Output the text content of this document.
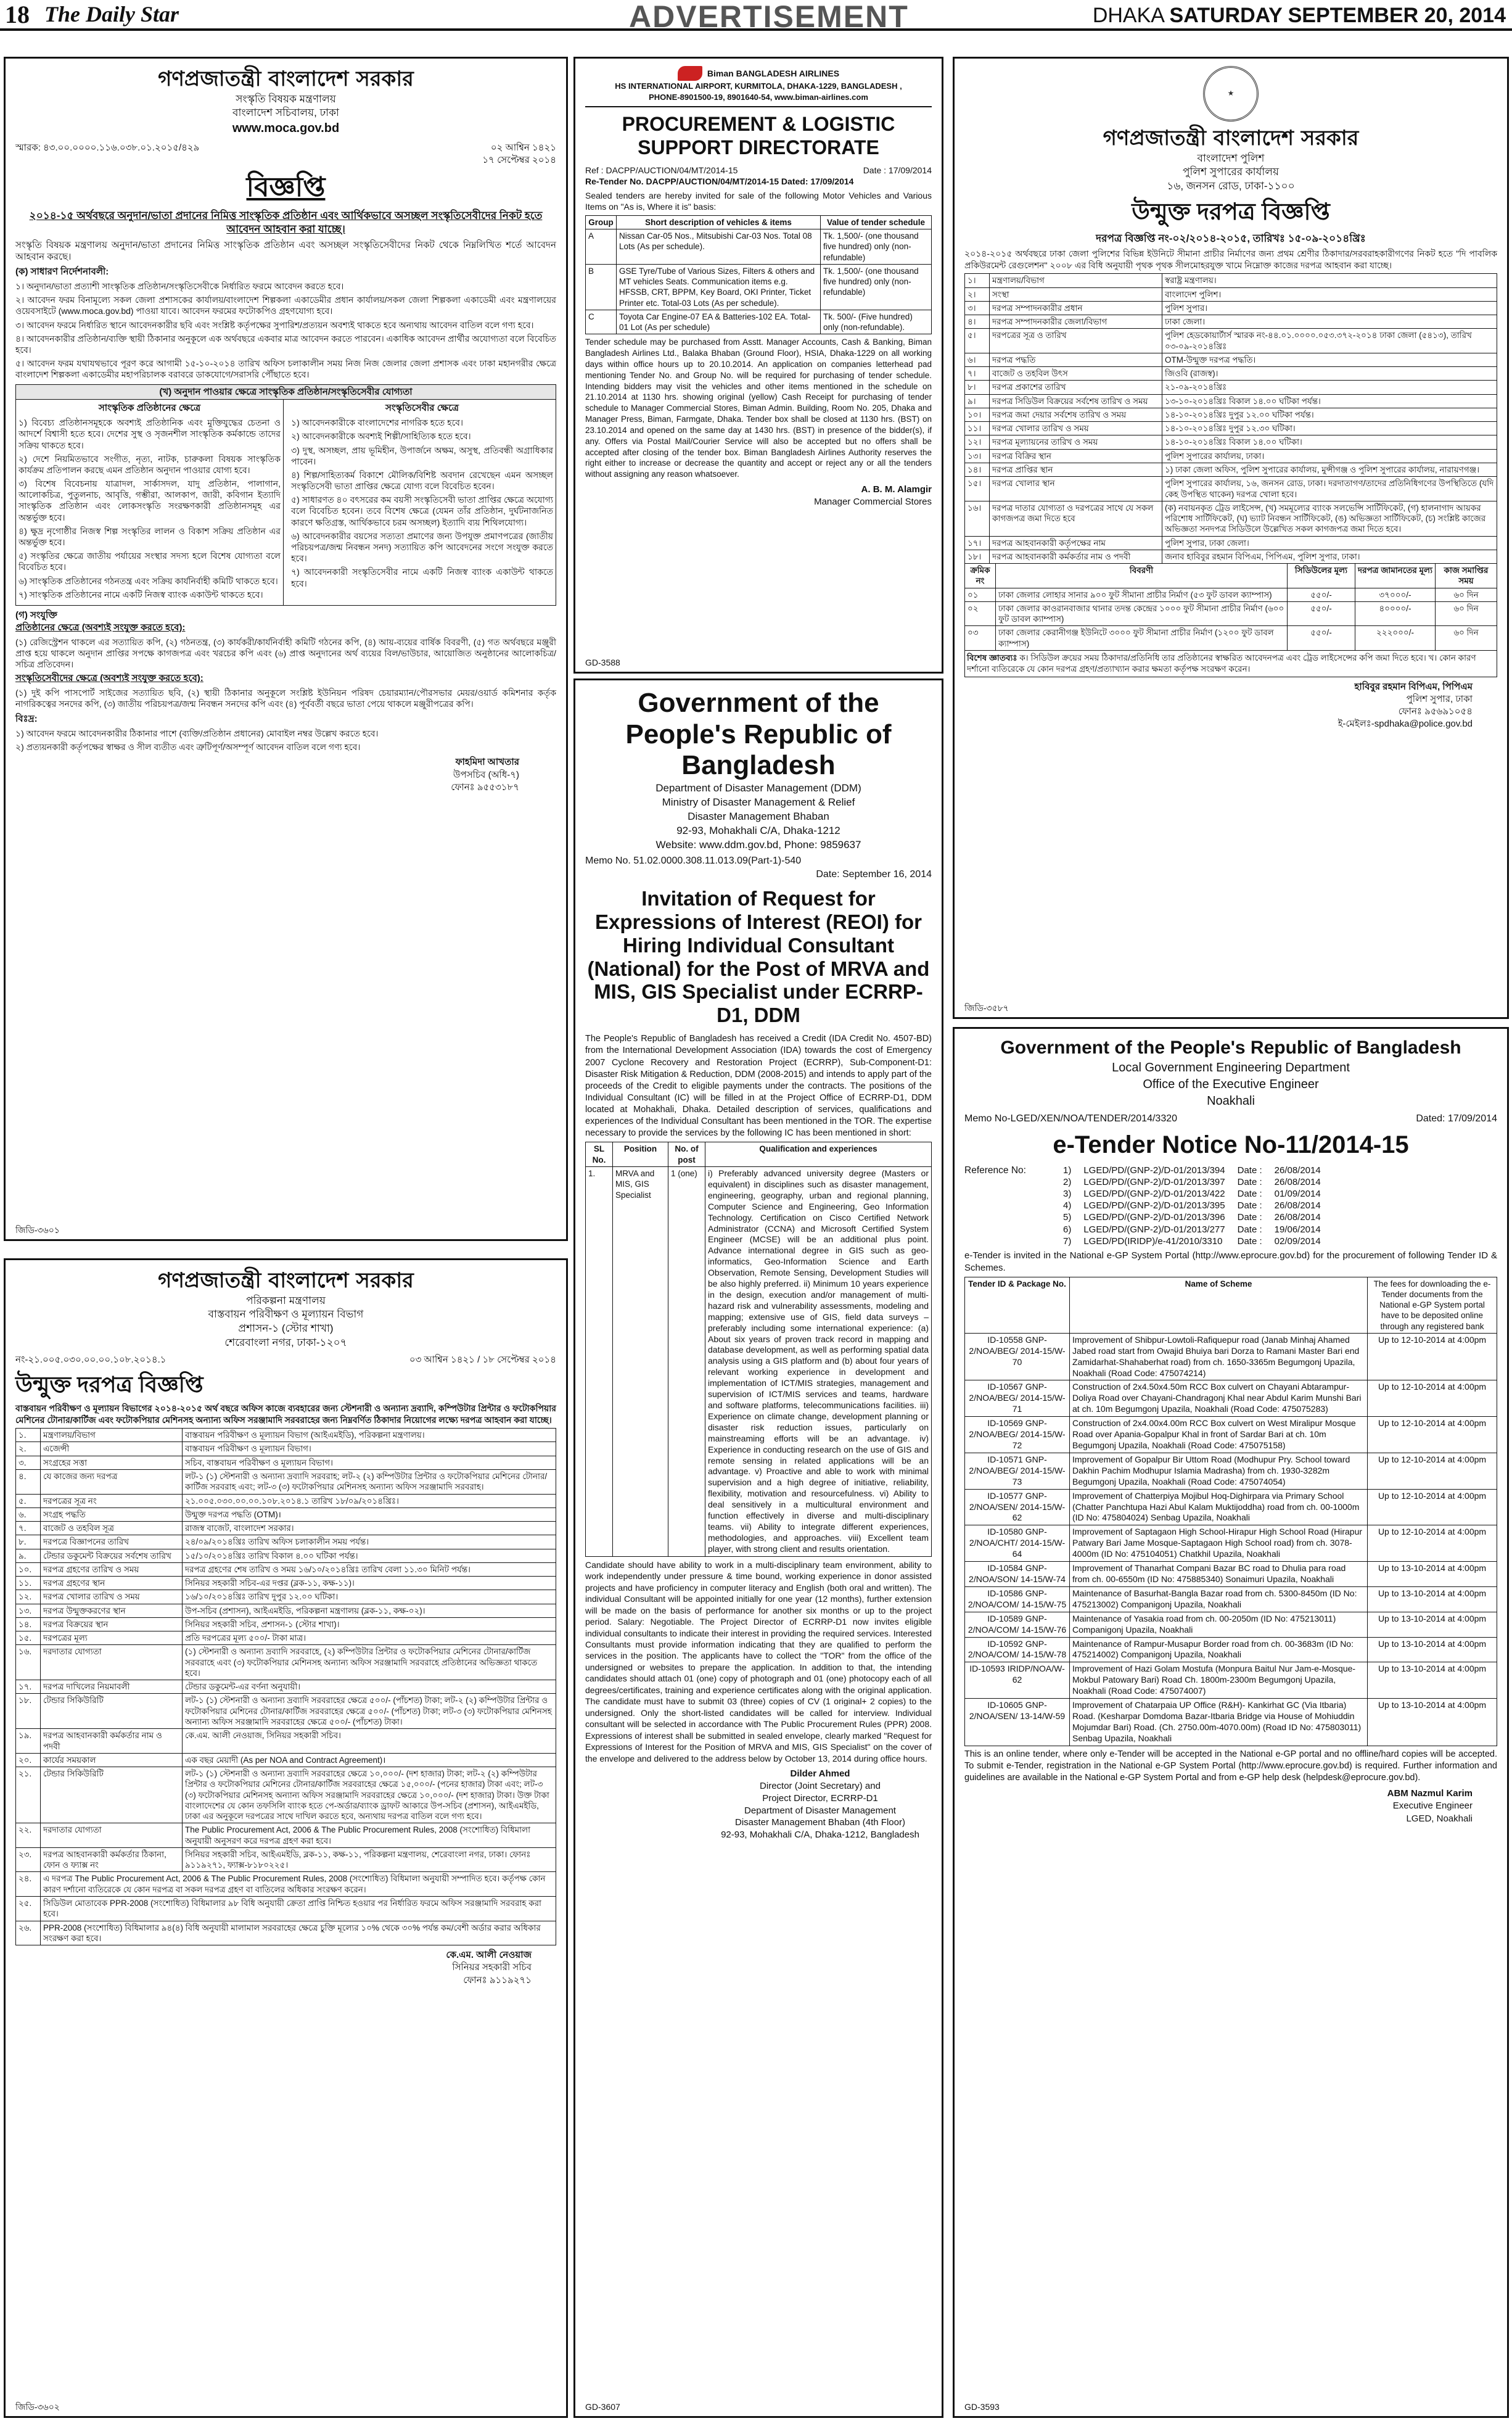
18 The Daily Star	ADVERTISEMENT	DHAKA SATURDAY SEPTEMBER 20, 2014
গণপ্রজাতন্ত্রী বাংলাদেশ সরকার
সংস্কৃতি বিষয়ক মন্ত্রণালয়
বাংলাদেশ সচিবালয়, ঢাকা
www.moca.gov.bd
স্মারক: ৪৩.০০.০০০০.১১৬.০৩৮.০১.২০১৫/৪২৯	০২ আশ্বিন ১৪২১
১৭ সেপ্টেম্বর ২০১৪
বিজ্ঞপ্তি
২০১৪-১৫ অর্থবছরে অনুদান/ভাতা প্রদানের নিমিত্ত সাংস্কৃতিক প্রতিষ্ঠান এবং আর্থিকভাবে অসচ্ছল সংস্কৃতিসেবীদের নিকট হতে আবেদন আহবান করা যাচ্ছে।
সংস্কৃতি বিষয়ক মন্ত্রণালয় অনুদান/ভাতা প্রদানের নিমিত্ত সাংস্কৃতিক প্রতিষ্ঠান এবং অসচ্ছল সংস্কৃতিসেবীদের নিকট থেকে নিম্নলিখিত শর্তে আবেদন আহবান করছে।
(ক) সাধারণ নির্দেশনাবলী:
১। অনুদান/ভাতা প্রত্যাশী সাংস্কৃতিক প্রতিষ্ঠান/সংস্কৃতিসেবীকে নির্ধারিত ফরমে আবেদন করতে হবে।
২। আবেদন ফরম বিনামূল্যে সকল জেলা প্রশাসকের কার্যালয়/বাংলাদেশ শিল্পকলা একাডেমীর প্রধান কার্যালয়/সকল জেলা শিল্পকলা একাডেমী এবং মন্ত্রণালয়ের ওয়েবসাইটে (www.moca.gov.bd) পাওয়া যাবে। আবেদন ফরমের ফটোকপিও গ্রহণযোগ্য হবে।
৩। আবেদন ফরমে নির্ধারিত স্থানে আবেদনকারীর ছবি এবং সংশ্লিষ্ট কর্তৃপক্ষের সুপারিশ/প্রত্যয়ন অবশ্যই থাকতে হবে অন্যথায় আবেদন বাতিল বলে গণ্য হবে।
৪। আবেদনকারীর প্রতিষ্ঠান/ব্যক্তি স্থায়ী ঠিকানার অনুকূলে এক অর্থবছরে একবার মাত্র আবেদন করতে পারবেন। একাধিক আবেদন প্রার্থীর অযোগ্যতা বলে বিবেচিত হবে।
৫। আবেদন ফরম যথাযথভাবে পূরণ করে আগামী ১৫-১০-২০১৪ তারিখ অফিস চলাকালীন সময় নিজ নিজ জেলার জেলা প্রশাসক এবং ঢাকা মহানগরীর ক্ষেত্রে বাংলাদেশ শিল্পকলা একাডেমীর মহাপরিচালক বরাবরে ডাকযোগে/সরাসরি পৌঁছাতে হবে।
(খ) অনুদান পাওয়ার ক্ষেত্রে সাংস্কৃতিক প্রতিষ্ঠান/সংস্কৃতিসেবীর যোগ্যতা
সাংস্কৃতিক প্রতিষ্ঠানের ক্ষেত্রে
১) বিবেচ্য প্রতিষ্ঠানসমূহকে অবশ্যই প্রতিষ্ঠানিক এবং মুক্তিযুদ্ধের চেতনা ও আদর্শে বিশ্বাসী হতে হবে। দেশের সুস্থ ও সৃজনশীল সাংস্কৃতিক কর্মকান্ডে তাদের সক্রিয় থাকতে হবে।
২) দেশে নিয়মিতভাবে সংগীত, নৃত্য, নাটক, চারুকলা বিষয়ক সাংস্কৃতিক কার্যক্রম প্রতিপালন করছে এমন প্রতিষ্ঠান অনুদান পাওয়ার যোগ্য হবে।
৩) বিশেষ বিবেচনায় যাত্রাদল, সার্কাসদল, যাদু প্রতিষ্ঠান, পালাগান, আলোকচিত্র, পুতুলনাচ, আবৃত্তি, গম্ভীরা, আলকাপ, জারী, কবিগান ইত্যাদি সাংস্কৃতিক প্রতিষ্ঠান এবং লোকসংস্কৃতি সংরক্ষণকারী প্রতিষ্ঠানসমূহ এর অন্তর্ভুক্ত হবে।
৪) ক্ষুদ্র নৃগোষ্ঠীর নিজস্ব শিল্প সংস্কৃতির লালন ও বিকাশ সক্রিয় প্রতিষ্ঠান এর অন্তর্ভুক্ত হবে।
৫) সংস্কৃতির ক্ষেত্রে জাতীয় পর্যায়ের সংস্থার সদস্য হলে বিশেষ যোগ্যতা বলে বিবেচিত হবে।
৬) সাংস্কৃতিক প্রতিষ্ঠানের গঠনতন্ত্র এবং সক্রিয় কার্যনির্বাহী কমিটি থাকতে হবে।
৭) সাংস্কৃতিক প্রতিষ্ঠানের নামে একটি নিজস্ব ব্যাংক একাউন্ট থাকতে হবে।
সংস্কৃতিসেবীর ক্ষেত্রে
১) আবেদনকারীকে বাংলাদেশের নাগরিক হতে হবে।
২) আবেদনকারীকে অবশ্যই শিল্পী/সাহিত্যিক হতে হবে।
৩) দুস্থ, অসচ্ছল, প্রায় ভূমিহীন, উপার্জনে অক্ষম, অসুস্থ, প্রতিবন্ধী অগ্রাধিকার পাবেন।
৪) শিল্প/সাহিত্যকর্ম বিকাশে মৌলিক/বিশিষ্ট অবদান রেখেছেন এমন অসচ্ছল সংস্কৃতিসেবী ভাতা প্রাপ্তির ক্ষেত্রে যোগ্য বলে বিবেচিত হবেন।
৫) সাধারণত ৪০ বৎসরের কম বয়সী সংস্কৃতিসেবী ভাতা প্রাপ্তির ক্ষেত্রে অযোগ্য বলে বিবেচিত হবেন। তবে বিশেষ ক্ষেত্রে (যেমন তাঁর প্রতিষ্ঠান, দুর্ঘটনাজনিত কারণে ক্ষতিগ্রস্ত, আর্থিকভাবে চরম অসচ্ছল) ইত্যাদি ব্যয় শিথিলযোগ্য।
৬) আবেদনকারীর বয়সের সত্যতা প্রমাণের জন্য উপযুক্ত প্রমাণপত্রের (জাতীয় পরিচয়পত্র/জন্ম নিবন্ধন সনদ) সত্যায়িত কপি আবেদনের সংগে সংযুক্ত করতে হবে।
৭) আবেদনকারী সংস্কৃতিসেবীর নামে একটি নিজস্ব ব্যাংক একাউন্ট থাকতে হবে।
(গ) সংযুক্তি
প্রতিষ্ঠানের ক্ষেত্রে (অবশ্যই সংযুক্ত করতে হবে):
(১) রেজিস্ট্রেশন থাকলে এর সত্যায়িত কপি, (২) গঠনতন্ত্র, (৩) কার্যকরী/কার্যনির্বাহী কমিটি গঠনের কপি, (৪) আয়-ব্যয়ের বার্ষিক বিবরণী, (৫) গত অর্থবছরে মঞ্জুরী প্রাপ্ত হয়ে থাকলে অনুদান প্রাপ্তির সপক্ষে কাগজপত্র এবং খরচের কপি এবং (৬) প্রাপ্ত অনুদানের অর্থ ব্যয়ের বিল/ভাউচার, আয়োজিত অনুষ্ঠানের আলোকচিত্র/সচিত্র প্রতিবেদন।
সংস্কৃতিসেবীদের ক্ষেত্রে (অবশ্যই সংযুক্ত করতে হবে):
(১) দুই কপি পাসপোর্ট সাইজের সত্যায়িত ছবি, (২) স্থায়ী ঠিকানার অনুকূলে সংশ্লিষ্ট ইউনিয়ন পরিষদ চেয়ারম্যান/পৌরসভার মেয়র/ওয়ার্ড কমিশনার কর্তৃক নাগরিকত্বের সনদের কপি, (৩) জাতীয় পরিচয়পত্র/জন্ম নিবন্ধন সনদের কপি এবং (৪) পূর্ববর্তী বছরে ভাতা পেয়ে থাকলে মঞ্জুরীপত্রের কপি।
বিঃদ্র:
১) আবেদন ফরমে আবেদনকারীর ঠিকানার পাশে (ব্যক্তি/প্রতিষ্ঠান প্রধানের) মোবাইল নম্বর উল্লেখ করতে হবে।
২) প্রত্যয়নকারী কর্তৃপক্ষের স্বাক্ষর ও সীল ব্যতীত এবং ত্রুটিপূর্ণ/অসম্পূর্ণ আবেদন বাতিল বলে গণ্য হবে।
ফাহমিদা আখতার
উপসচিব (অধি-৭)
ফোনঃ ৯৫৫৩১৮৭
জিডি-৩৬০১
গণপ্রজাতন্ত্রী বাংলাদেশ সরকার
পরিকল্পনা মন্ত্রণালয়
বাস্তবায়ন পরিবীক্ষণ ও মূল্যায়ন বিভাগ
প্রশাসন-১ (স্টোর শাখা)
শেরেবাংলা নগর, ঢাকা-১২০৭
নং-২১.০০৫.০৩০.০০.০০.১০৮.২০১৪.১	০৩ আশ্বিন ১৪২১ / ১৮ সেপ্টেম্বর ২০১৪
উন্মুক্ত দরপত্র বিজ্ঞপ্তি
বাস্তবায়ন পরিবীক্ষণ ও মূল্যায়ন বিভাগের ২০১৪-২০১৫ অর্থ বছরে অফিস কাজে ব্যবহারের জন্য স্টেশনারী ও অন্যান্য দ্রব্যাদি, কম্পিউটার প্রিন্টার ও ফটোকপিয়ার মেশিনের টোনার/কার্টিজ এবং ফটোকপিয়ার মেশিনসহ অন্যান্য অফিস সরঞ্জামাদি সরবরাহের জন্য নিম্নবর্ণিত ঠিকাদার নিয়োগের লক্ষ্যে দরপত্র আহবান করা যাচ্ছে।
১.	মন্ত্রণালয়/বিভাগ	বাস্তবায়ন পরিবীক্ষণ ও মূল্যায়ন বিভাগ (আইএমইডি), পরিকল্পনা মন্ত্রণালয়।
২.	এজেন্সী	বাস্তবায়ন পরিবীক্ষণ ও মূল্যায়ন বিভাগ।
৩.	সংগ্রহের সত্তা	সচিব, বাস্তবায়ন পরিবীক্ষণ ও মূল্যায়ন বিভাগ।
৪.	যে কাজের জন্য দরপত্র	লট-১ (১) স্টেশনারী ও অন্যান্য দ্রব্যাদি সরবরাহ; লট-২ (২) কম্পিউটার প্রিন্টার ও ফটোকপিয়ার মেশিনের টোনার/কার্টিজ সরবরাহ এবং; লট-৩ (৩) ফটোকপিয়ার মেশিনসহ অন্যান্য অফিস সরঞ্জামাদি সরবরাহ।
৫.	দরপত্রের সূত্র নং	২১.০০৫.০৩০.০০.০০.১০৮.২০১৪.১ তারিখ ১৮/০৯/২০১৪খ্রিঃ।
৬.	সংগ্রহ পদ্ধতি	উন্মুক্ত দরপত্র পদ্ধতি (OTM)।
৭.	বাজেট ও তহবিল সূত্র	রাজস্ব বাজেট, বাংলাদেশ সরকার।
৮.	দরপত্রে বিজ্ঞাপনের তারিখ	২৪/০৯/২০১৪খ্রিঃ তারিখ অফিস চলাকালীন সময় পর্যন্ত।
৯.	টেন্ডার ডকুমেন্ট বিক্রয়ের সর্বশেষ তারিখ	১৫/১০/২০১৪খ্রিঃ তারিখ বিকাল ৪.০০ ঘটিকা পর্যন্ত।
১০.	দরপত্র গ্রহণের তারিখ ও সময়	দরপত্র গ্রহণের শেষ তারিখ ও সময় ১৬/১০/২০১৪খ্রিঃ তারিখ বেলা ১১.৩০ মিনিট পর্যন্ত।
১১.	দরপত্র গ্রহণের স্থান	সিনিয়র সহকারী সচিব-এর দপ্তর (ব্লক-১১, কক্ষ-১১)।
১২.	দরপত্র খোলার তারিখ ও সময়	১৬/১০/২০১৪খ্রিঃ তারিখ দুপুর ১২.০০ ঘটিকা।
১৩.	দরপত্র উন্মুক্তকরণের স্থান	উপ-সচিব (প্রশাসন), আইএমইডি, পরিকল্পনা মন্ত্রণালয় (ব্লক-১১, কক্ষ-০২)।
১৪.	দরপত্র বিক্রয়ের স্থান	সিনিয়র সহকারী সচিব, প্রশাসন-১ (স্টোর শাখা)।
১৫.	দরপত্রের মূল্য	প্রতি দরপত্রের মূল্য ৫০০/- টাকা মাত্র।
১৬.	দরদাতার যোগ্যতা	(১) স্টেশনারী ও অন্যান্য দ্রব্যাদি সরবরাহে, (২) কম্পিউটার প্রিন্টার ও ফটোকপিয়ার মেশিনের টোনার/কার্টিজ সরবরাহে এবং (৩) ফটোকপিয়ার মেশিনসহ অন্যান্য অফিস সরঞ্জামাদি সরবরাহে প্রতিষ্ঠানের অভিজ্ঞতা থাকতে হবে।
১৭.	দরপত্র দাখিলের নিয়মাবলী	টেন্ডার ডকুমেন্ট-এর বর্ণনা অনুযায়ী।
১৮.	টেন্ডার সিকিউরিটি	লট-১ (১) স্টেশনারী ও অন্যান্য দ্রব্যাদি সরবরাহের ক্ষেত্রে ৫০০/- (পাঁচশত) টাকা; লট-২ (২) কম্পিউটার প্রিন্টার ও ফটোকপিয়ার মেশিনের টোনার/কার্টিজ সরবরাহের ক্ষেত্রে ৫০০/- (পাঁচশত) টাকা; লট-৩ (৩) ফটোকপিয়ার মেশিনসহ অন্যান্য অফিস সরঞ্জামাদি সরবরাহের ক্ষেত্রে ৫০০/- (পাঁচশত) টাকা।
১৯.	দরপত্র আহবানকারী কর্মকর্তার নাম ও পদবী	কে.এম. আলী নেওয়াজ, সিনিয়র সহকারী সচিব।
২০.	কার্যের সময়কাল	এক বছর মেয়াদী (As per NOA and Contract Agreement)।
২১.	টেন্ডার সিকিউরিটি	লট-১ (১) স্টেশনারী ও অন্যান্য দ্রব্যাদি সরবরাহের ক্ষেত্রে ১০,০০০/- (দশ হাজার) টাকা; লট-২ (২) কম্পিউটার প্রিন্টার ও ফটোকপিয়ার মেশিনের টোনার/কার্টিজ সরবরাহের ক্ষেত্রে ১৫,০০০/- (পনের হাজার) টাকা এবং; লট-৩ (৩) ফটোকপিয়ার মেশিনসহ অন্যান্য অফিস সরঞ্জামাদি সরবরাহের ক্ষেত্রে ১০,০০০/- (দশ হাজার) টাকা। উক্ত টাকা বাংলাদেশের যে কোন তফসিলি ব্যাংক হতে পে-অর্ডার/ব্যাংক ড্রাফট আকারে উপ-সচিব (প্রশাসন), আইএমইডি, ঢাকা এর অনুকূলে দরপত্রের সাথে দাখিল করতে হবে, অন্যথায় দরপত্র বাতিল বলে গণ্য হবে।
২২.	দরদাতার যোগ্যতা	The Public Procurement Act, 2006 & The Public Procurement Rules, 2008 (সংশোধিত) বিধিমালা অনুযায়ী অনুসরণ করে দরপত্র গ্রহণ করা হবে।
২৩.	দরপত্র আহবানকারী কর্মকর্তার ঠিকানা, ফোন ও ফ্যাক্স নং	সিনিয়র সহকারী সচিব, আইএমইডি, ব্লক-১১, কক্ষ-১১, পরিকল্পনা মন্ত্রণালয়, শেরেবাংলা নগর, ঢাকা। ফোনঃ ৯১১৯২৭১, ফ্যাক্স-৮১৮০২২৫।
২৪.	এ দরপত্র The Public Procurement Act, 2006 & The Public Procurement Rules, 2008 (সংশোধিত) বিধিমালা অনুযায়ী সম্পাদিত হবে। কর্তৃপক্ষ কোন কারণ দর্শানো ব্যতিরেকে যে কোন দরপত্র বা সকল দরপত্র গ্রহণ বা বাতিলের অধিকার সংরক্ষণ করেন।	
২৫.	সিডিউল মোতাবেক PPR-2008 (সংশোধিত) বিধিমালার ৯৮ বিধি অনুযায়ী ক্রেতা প্রাপ্তি নিশ্চিত হওয়ার পর নির্ধারিত ফরমে অফিস সরঞ্জামাদি সরবরাহ করা হবে।	
২৬.	PPR-2008 (সংশোধিত) বিধিমালার ৯৪(৪) বিধি অনুযায়ী মালামাল সরবরাহের ক্ষেত্রে চুক্তি মূল্যের ১০% থেকে ৩০% পর্যন্ত কম/বেশী অর্ডার করার অধিকার সংরক্ষণ করা হবে।	
কে.এম. আলী নেওয়াজ
সিনিয়র সহকারী সচিব
ফোনঃ ৯১১৯২৭১
জিডি-৩৬০২
Biman BANGLADESH AIRLINES
HS INTERNATIONAL AIRPORT, KURMITOLA, DHAKA-1229, BANGLADESH ,
PHONE-8901500-19, 8901640-54, www.biman-airlines.com
PROCUREMENT & LOGISTIC SUPPORT DIRECTORATE
Ref : DACPP/AUCTION/04/MT/2014-15	Date : 17/09/2014
Re-Tender No. DACPP/AUCTION/04/MT/2014-15 Dated: 17/09/2014
Sealed tenders are hereby invited for sale of the following Motor Vehicles and Various Items on "As is, Where it is" basis:
Group	Short description of vehicles & items	Value of tender schedule
A	Nissan Car-05 Nos., Mitsubishi Car-03 Nos. Total 08 Lots (As per schedule).	Tk. 1,500/- (one thousand five hundred) only (non-refundable)
B	GSE Tyre/Tube of Various Sizes, Filters & others and MT vehicles Seats. Communication items e.g. HFSSB, CRT, BPPM, Key Board, OKI Printer, Ticket Printer etc. Total-03 Lots (As per schedule).	Tk. 1,500/- (one thousand five hundred) only (non-refundable)
C	Toyota Car Engine-07 EA & Batteries-102 EA. Total-01 Lot (As per schedule)	Tk. 500/- (Five hundred) only (non-refundable).
Tender schedule may be purchased from Asstt. Manager Accounts, Cash & Banking, Biman Bangladesh Airlines Ltd., Balaka Bhaban (Ground Floor), HSIA, Dhaka-1229 on all working days within office hours up to 20.10.2014. An application on companies letterhead pad mentioning Tender No. and Group No. will be required for purchasing of tender schedule. Intending bidders may visit the vehicles and other items mentioned in the schedule on 21.10.2014 at 1130 hrs. showing original (yellow) Cash Receipt for purchasing of tender schedule to Manager Commercial Stores, Biman Admin. Building, Room No. 205, Dhaka and Manager Press, Biman, Farmgate, Dhaka. Tender box shall be closed at 1130 hrs. (BST) on 23.10.2014 and opened on the same day at 1430 hrs. (BST) in presence of the bidder(s), if any. Offers via Postal Mail/Courier Service will also be accepted but no offers shall be accepted after closing of the tender box. Biman Bangladesh Airlines Authority reserves the right either to increase or decrease the quantity and accept or reject any or all the tenders without assigning any reason whatsoever.
A. B. M. Alamgir
Manager Commercial Stores
GD-3588
Government of the People's Republic of Bangladesh
Department of Disaster Management (DDM)
Ministry of Disaster Management & Relief
Disaster Management Bhaban
92-93, Mohakhali C/A, Dhaka-1212
Website: www.ddm.gov.bd, Phone: 9859637
Memo No. 51.02.0000.308.11.013.09(Part-1)-540
Date: September 16, 2014
Invitation of Request for Expressions of Interest (REOI) for Hiring Individual Consultant (National) for the Post of MRVA and MIS, GIS Specialist under ECRRP-D1, DDM
The People's Republic of Bangladesh has received a Credit (IDA Credit No. 4507-BD) from the International Development Association (IDA) towards the cost of Emergency 2007 Cyclone Recovery and Restoration Project (ECRRP), Sub-Component-D1: Disaster Risk Mitigation & Reduction, DDM (2008-2015) and intends to apply part of the proceeds of the Credit to eligible payments under the contracts. The positions of the Individual Consultant (IC) will be filled in at the Project Office of ECRRP-D1, DDM located at Mohakhali, Dhaka. Detailed description of services, qualifications and experiences of the Individual Consultant has been mentioned in the TOR. The expertise necessary to provide the services by the following IC has been mentioned in short:
SL No.	Position	No. of post	Qualification and experiences
1.	MRVA and MIS, GIS Specialist	1 (one)	i) Preferably advanced university degree (Masters or equivalent) in disciplines such as disaster management, engineering, geography, urban and regional planning, Computer Science and Engineering, Geo Information Technology. Certification on Cisco Certified Network Administrator (CCNA) and Microsoft Certified System Engineer (MCSE) will be an additional plus point. Advance international degree in GIS such as geo-informatics, Geo-Information Science and Earth Observation, Remote Sensing, Development Studies will be also highly preferred. ii) Minimum 10 years experience in the design, execution and/or management of multi-hazard risk and vulnerability assessments, modeling and mapping; extensive use of GIS, field data surveys – preferably including some international experience: (a) About six years of proven track record in mapping and database development, as well as performing spatial data analysis using a GIS platform and (b) about four years of relevant working experience in development and implementation of ICT/MIS strategies, management and supervision of ICT/MIS services and teams, hardware and software platforms, telecommunications facilities. iii) Experience on climate change, development planning or disaster risk reduction issues, particularly on mainstreaming efforts will be an advantage. iv) Experience in conducting research on the use of GIS and remote sensing in related applications will be an advantage. v) Proactive and able to work with minimal supervision and a high degree of initiative, reliability, flexibility, motivation and resourcefulness. vi) Ability to deal sensitively in a multicultural environment and function effectively in diverse and multi-disciplinary teams. vii) Ability to integrate different experiences, methodologies, and approaches. viii) Excellent team player, with strong client and results orientation.
Candidate should have ability to work in a multi-disciplinary team environment, ability to work independently under pressure & time bound, working experience in donor assisted projects and have proficiency in computer literacy and English (both oral and written). The individual Consultant will be appointed initially for one year (12 months), further extension will be made on the basis of performance for another six months or up to the project period. Salary: Negotiable. The Project Director of ECRRP-D1 now invites eligible individual consultants to indicate their interest in providing the required services. Interested Consultants must provide information indicating that they are qualified to perform the services in the position. The applicants have to collect the "TOR" from the office of the undersigned or websites to prepare the application. In addition to that, the intending candidates should attach 01 (one) copy of photograph and 01 (one) photocopy each of all degrees/certificates, training and experience certificates along with the original application. The candidate must have to submit 03 (three) copies of CV (1 original+ 2 copies) to the undersigned. Only the short-listed candidates will be called for interview. Individual consultant will be selected in accordance with The Public Procurement Rules (PPR) 2008. Expressions of interest shall be submitted in sealed envelope, clearly marked "Request for Expressions of Interest for the Position of MRVA and MIS, GIS Specialist" on the cover of the envelope and delivered to the address below by October 13, 2014 during office hours.
Dilder Ahmed
Director (Joint Secretary) and
Project Director, ECRRP-D1
Department of Disaster Management
Disaster Management Bhaban (4th Floor)
92-93, Mohakhali C/A, Dhaka-1212, Bangladesh
GD-3607
★
গণপ্রজাতন্ত্রী বাংলাদেশ সরকার
বাংলাদেশ পুলিশ
পুলিশ সুপারের কার্যালয়
১৬, জনসন রোড, ঢাকা-১১০০
উন্মুক্ত দরপত্র বিজ্ঞপ্তি
দরপত্র বিজ্ঞপ্তি নং-০২/২০১৪-২০১৫, তারিখঃ ১৫-০৯-২০১৪খ্রিঃ
২০১৪-২০১৫ অর্থবছরে ঢাকা জেলা পুলিশের বিভিন্ন ইউনিটে সীমানা প্রাচীর নির্মাণের জন্য প্রথম শ্রেণীর ঠিকাদার/সরবরাহকারীগণের নিকট হতে "দি পাবলিক প্রকিউরমেন্ট রেগুলেশন" ২০০৮ এর বিধি অনুযায়ী পৃথক পৃথক সীলমোহরযুক্ত খামে নিম্নোক্ত কাজের দরপত্র আহবান করা যাচ্ছে।
১।	মন্ত্রণালয়/বিভাগ	স্বরাষ্ট্র মন্ত্রণালয়।
২।	সংস্থা	বাংলাদেশ পুলিশ।
৩।	দরপত্র সম্পাদনকারীর প্রধান	পুলিশ সুপার।
৪।	দরপত্র সম্পাদনকারীর জেলা/বিভাগ	ঢাকা জেলা।
৫।	দরপত্রের সূত্র ও তারিখ	পুলিশ হেডকোয়ার্টার্স স্মারক নং-৪৪.০১.০০০০.০৫৩.৩৭২-২০১৪ ঢাকা জেলা (৫৪১৩), তারিখ ০৩-০৯-২০১৪খ্রিঃ
৬।	দরপত্র পদ্ধতি	OTM-উন্মুক্ত দরপত্র পদ্ধতি।
৭।	বাজেট ও তহবিল উৎস	জিওবি (রাজস্ব)।
৮।	দরপত্র প্রকাশের তারিখ	২১-০৯-২০১৪খ্রিঃ
৯।	দরপত্র সিডিউল বিক্রয়ের সর্বশেষ তারিখ ও সময়	১৩-১০-২০১৪খ্রিঃ বিকাল ১৪.০০ ঘটিকা পর্যন্ত।
১০।	দরপত্র জমা দেয়ার সর্বশেষ তারিখ ও সময়	১৪-১০-২০১৪খ্রিঃ দুপুর ১২.০০ ঘটিকা পর্যন্ত।
১১।	দরপত্র খোলার তারিখ ও সময়	১৪-১০-২০১৪খ্রিঃ দুপুর ১২.৩০ ঘটিকা।
১২।	দরপত্র মূল্যায়নের তারিখ ও সময়	১৪-১০-২০১৪খ্রিঃ বিকাল ১৪.০০ ঘটিকা।
১৩।	দরপত্র বিক্রির স্থান	পুলিশ সুপারের কার্যালয়, ঢাকা।
১৪।	দরপত্র প্রাপ্তির স্থান	১) ঢাকা জেলা অফিস, পুলিশ সুপারের কার্যালয়, মুন্সীগঞ্জ ও পুলিশ সুপারের কার্যালয়, নারায়ণগঞ্জ।
১৫।	দরপত্র খোলার স্থান	পুলিশ সুপারের কার্যালয়, ১৬, জনসন রোড, ঢাকা। দরদাতাগণ/তাদের প্রতিনিধিগণের উপস্থিতিতে (যদি কেহ উপস্থিত থাকেন) দরপত্র খোলা হবে।
১৬।	দরপত্র দাতার যোগ্যতা ও দরপত্রের সাথে যে সকল কাগজপত্র জমা দিতে হবে	(ক) নবায়নকৃত ট্রেড লাইসেন্স, (খ) সমমূল্যের ব্যাংক সলভেন্সি সার্টিফিকেট, (গ) হালনাগাদ আয়কর পরিশোধ সার্টিফিকেট, (ঘ) ভ্যাট নিবন্ধন সার্টিফিকেট, (ঙ) অভিজ্ঞতা সার্টিফিকেট, (চ) সংশ্লিষ্ট কাজের অভিজ্ঞতা সনদপত্র সিডিউলে উল্লেখিত সকল কাগজপত্র জমা দিতে হবে।
১৭।	দরপত্র আহবানকারী কর্তৃপক্ষের নাম	পুলিশ সুপার, ঢাকা জেলা।
১৮।	দরপত্র আহবানকারী কর্মকর্তার নাম ও পদবী	জনাব হাবিবুর রহমান বিপিএম, পিপিএম, পুলিশ সুপার, ঢাকা।
ক্রমিক নং	বিবরণী	সিডিউলের মূল্য	দরপত্র জামানতের মূল্য	কাজ সমাপ্তির সময়
০১	ঢাকা জেলার লোহার সানার ৯০০ ফুট সীমানা প্রাচীর নির্মাণ (৫৩ ফুট ডাবল ক্যাম্পাস)	৫৫০/-	৩৭০০০/-	৬০ দিন
০২	ঢাকা জেলার কাওরানবাজার থানার তদন্ত কেন্দ্রের ১০০০ ফুট সীমানা প্রাচীর নির্মাণ (৬০০ ফুট ডাবল ক্যাম্পাস)	৫৫০/-	৪০০০০/-	৬০ দিন
০৩	ঢাকা জেলার কেরানীগঞ্জ ইউনিটে ৩০০০ ফুট সীমানা প্রাচীর নির্মাণ (১২০০ ফুট ডাবল ক্যাম্পাস)	৫৫০/-	২২২০০০/-	৬০ দিন
বিশেষ জ্ঞাতব্যঃ ক। সিডিউল ক্রয়ের সময় ঠিকাদার/প্রতিনিধি তার প্রতিষ্ঠানের স্বাক্ষরিত আবেদনপত্র এবং ট্রেড লাইসেন্সের কপি জমা দিতে হবে। খ। কোন কারণ দর্শানো ব্যতিরেকে যে কোন দরপত্র গ্রহণ/প্রত্যাখ্যান করার ক্ষমতা কর্তৃপক্ষ সংরক্ষণ করেন।
হাবিবুর রহমান বিপিএম, পিপিএম
পুলিশ সুপার, ঢাকা
ফোনঃ ৯৫৬৯১০৫৪
ই-মেইলঃ-spdhaka@police.gov.bd
জিডি-৩৫৮৭
Government of the People's Republic of Bangladesh
Local Government Engineering Department
Office of the Executive Engineer
Noakhali
Memo No-LGED/XEN/NOA/TENDER/2014/3320	Dated: 17/09/2014
e-Tender Notice No-11/2014-15
Reference No:	1)	LGED/PD/(GNP-2)/D-01/2013/394	Date :	26/08/2014
2)	LGED/PD/(GNP-2)/D-01/2013/397	Date :	26/08/2014
3)	LGED/PD/(GNP-2)/D-01/2013/422	Date :	01/09/2014
4)	LGED/PD/(GNP-2)/D-01/2013/395	Date :	26/08/2014
5)	LGED/PD/(GNP-2)/D-01/2013/396	Date :	26/08/2014
6)	LGED/PD/(GNP-2)/D-01/2013/277	Date :	19/06/2014
7)	LGED/PD(IRIDP)/e-41/2010/3310	Date :	02/09/2014
e-Tender is invited in the National e-GP System Portal (http://www.eprocure.gov.bd) for the procurement of following Tender ID & Schemes.
Tender ID & Package No.	Name of Scheme	The fees for downloading the e-Tender documents from the National e-GP System portal have to be deposited online through any registered bank
ID-10558 GNP-2/NOA/BEG/ 2014-15/W-70	Improvement of Shibpur-Lowtoli-Rafiquepur road (Janab Minhaj Ahamed Jabed road start from Owajid Bhuiya bari Dorza to Ramani Master Bari end Zamidarhat-Shahaberhat road) from ch. 1650-3365m Begumgonj Upazila, Noakhali (Road Code: 475074214)	Up to 12-10-2014 at 4:00pm
ID-10567 GNP-2/NOA/BEG/ 2014-15/W-71	Construction of 2x4.50x4.50m RCC Box culvert on Chayani Abtarampur-Doliya Road over Chayani-Chandragonj Khal near Abdul Karim Munshi Bari at ch. 10m Begumgonj Upazila, Noakhali (Road Code: 475075283)	Up to 12-10-2014 at 4:00pm
ID-10569 GNP-2/NOA/BEG/ 2014-15/W-72	Construction of 2x4.00x4.00m RCC Box culvert on West Miralipur Mosque Road over Apania-Gopalpur Khal in front of Sardar Bari at ch. 10m Begumgonj Upazila, Noakhali (Road Code: 475075158)	Up to 12-10-2014 at 4:00pm
ID-10571 GNP-2/NOA/BEG/ 2014-15/W-73	Improvement of Gopalpur Bir Uttom Road (Modhupur Pry. School toward Dakhin Pachim Modhupur Islamia Madrasha) from ch. 1930-3282m Begumgonj Upazila, Noakhali (Road Code: 475074054)	Up to 12-10-2014 at 4:00pm
ID-10577 GNP-2/NOA/SEN/ 2014-15/W-62	Improvement of Chatterpiya Mojibul Hoq-Dighirpara via Primary School (Chatter Panchtupa Hazi Abul Kalam Muktijoddha) road from ch. 00-1000m (ID No: 475804024) Senbag Upazila, Noakhali	Up to 12-10-2014 at 4:00pm
ID-10580 GNP-2/NOA/CHT/ 2014-15/W-64	Improvement of Saptagaon High School-Hirapur High School Road (Hirapur Patwary Bari Jame Mosque-Saptagaon High School road) from ch. 3078-4000m (ID No: 475104051) Chatkhil Upazila, Noakhali	Up to 12-10-2014 at 4:00pm
ID-10584 GNP-2/NOA/SON/ 14-15/W-74	Improvement of Thanarhat Compani Bazar BC road to Dhulia para road from ch. 00-6550m (ID No: 475885340) Sonaimuri Upazila, Noakhali	Up to 13-10-2014 at 4:00pm
ID-10586 GNP-2/NOA/COM/ 14-15/W-75	Maintenance of Basurhat-Bangla Bazar road from ch. 5300-8450m (ID No: 475213002) Companigonj Upazila, Noakhali	Up to 13-10-2014 at 4:00pm
ID-10589 GNP-2/NOA/COM/ 14-15/W-76	Maintenance of Yasakia road from ch. 00-2050m (ID No: 475213011) Companigonj Upazila, Noakhali	Up to 13-10-2014 at 4:00pm
ID-10592 GNP-2/NOA/COM/ 14-15/W-78	Maintenance of Rampur-Musapur Border road from ch. 00-3683m (ID No: 475214002) Companigonj Upazila, Noakhali	Up to 13-10-2014 at 4:00pm
ID-10593 IRIDP/NOA/W-62	Improvement of Hazi Golam Mostufa (Monpura Baitul Nur Jam-e-Mosque-Mokbul Patowary Bari) Road Ch. 1800m-2300m Begumgonj Upazila, Noakhali (Road Code: 475074007)	Up to 13-10-2014 at 4:00pm
ID-10605 GNP-2/NOA/SEN/ 13-14/W-59	Improvement of Chatarpaia UP Office (R&H)- Kankirhat GC (Via Itbaria) Road. (Kesharpar Domdoma Bazar-Itbaria Bridge via House of Mohiuddin Mojumdar Bari) Road. (Ch. 2750.00m-4070.00m) (Road ID No: 475803011) Senbag Upazila, Noakhali	Up to 13-10-2014 at 4:00pm
This is an online tender, where only e-Tender will be accepted in the National e-GP portal and no offline/hard copies will be accepted. To submit e-Tender, registration in the National e-GP System Portal (http://www.eprocure.gov.bd) is required. Further information and guidelines are available in the National e-GP System Portal and from e-GP help desk (helpdesk@eprocure.gov.bd).
ABM Nazmul Karim
Executive Engineer
LGED, Noakhali
GD-3593
